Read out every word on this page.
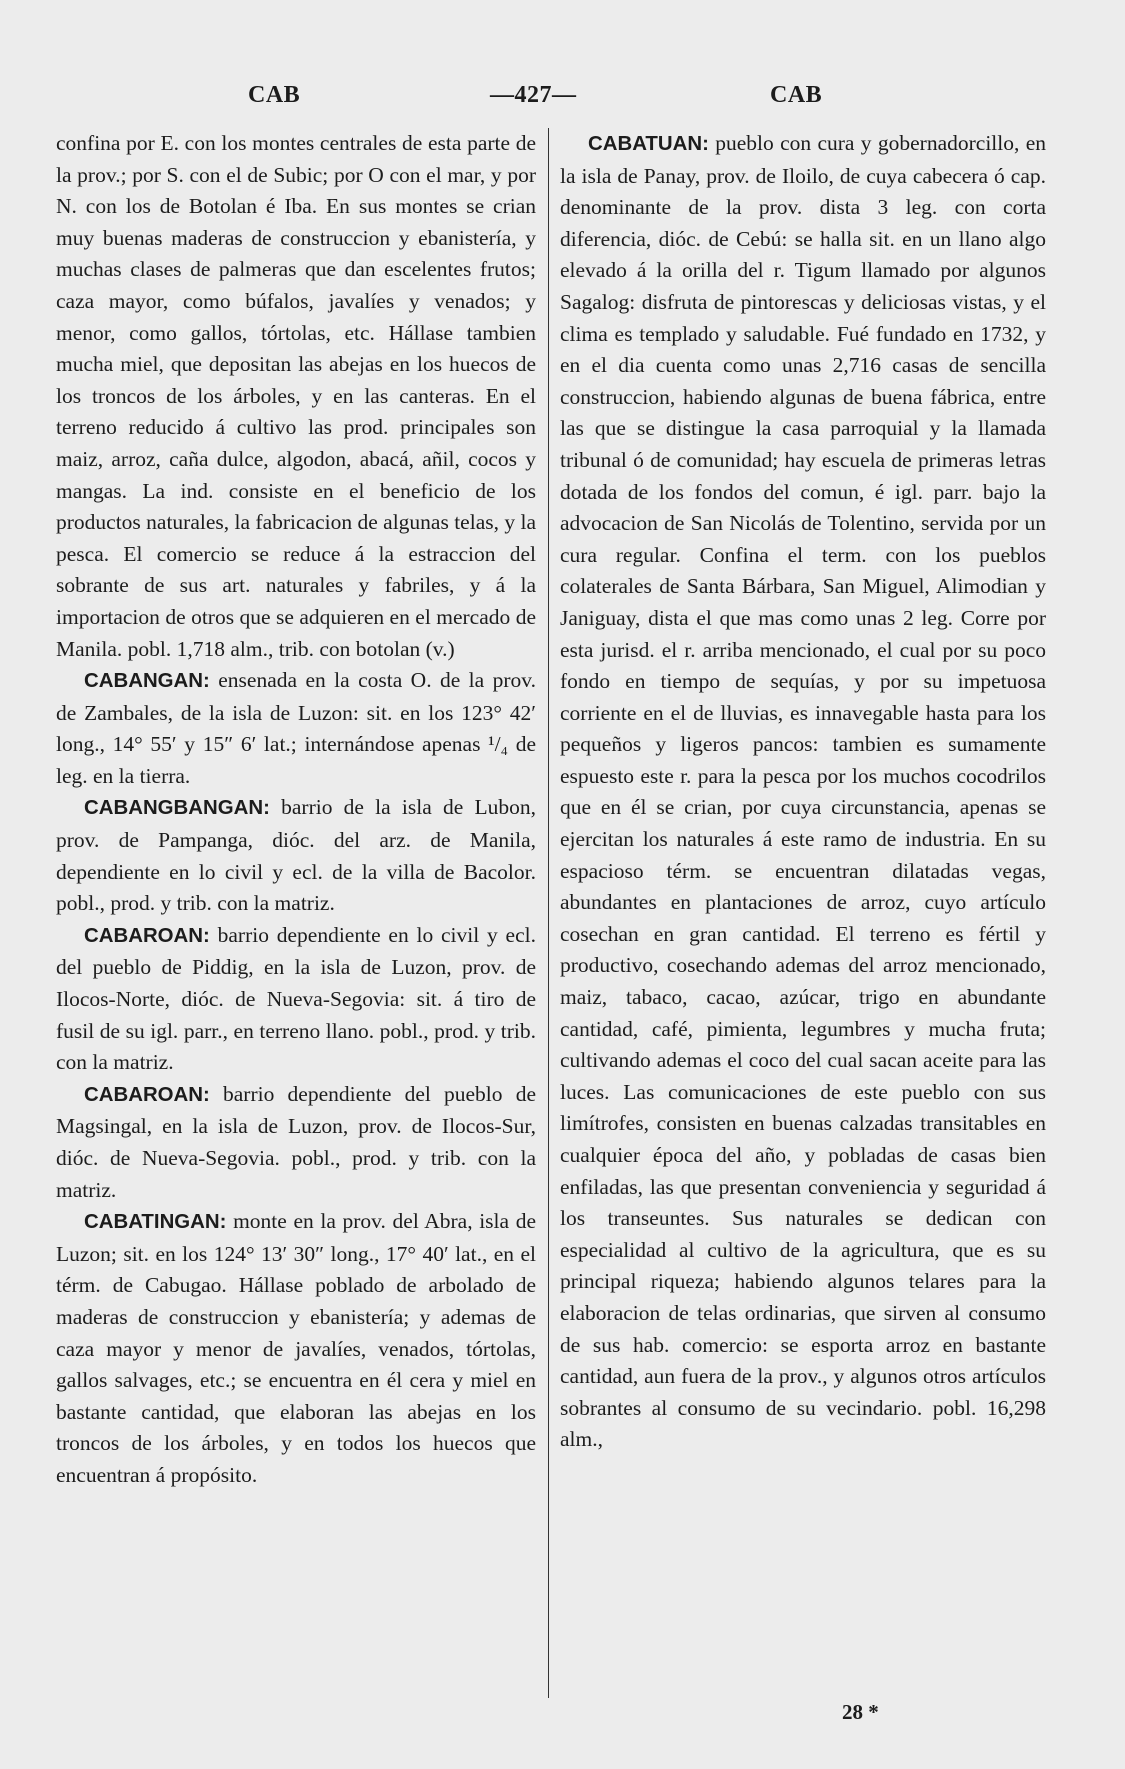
CAB	—427—	CAB

confina por E. con los montes centrales de esta parte de la prov.; por S. con el de Subic; por O con el mar, y por N. con los de Botolan é Iba. En sus montes se crian muy buenas maderas de construccion y ebanistería, y muchas clases de palmeras que dan escelentes frutos; caza mayor, como búfalos, javalíes y venados; y menor, como gallos, tórtolas, etc. Hállase tambien mucha miel, que depositan las abejas en los huecos de los troncos de los árboles, y en las canteras. En el terreno reducido á cultivo las prod. principales son maiz, arroz, caña dulce, algodon, abacá, añil, cocos y mangas. La ind. consiste en el beneficio de los productos naturales, la fabricacion de algunas telas, y la pesca. El comercio se reduce á la estraccion del sobrante de sus art. naturales y fabriles, y á la importacion de otros que se adquieren en el mercado de Manila. pobl. 1,718 alm., trib. con botolan (v.)

CABANGAN: ensenada en la costa O. de la prov. de Zambales, de la isla de Luzon: sit. en los 123° 42′ long., 14° 55′ y 15″ 6′ lat.; internándose apenas ¹/₄ de leg. en la tierra.

CABANGBANGAN: barrio de la isla de Lubon, prov. de Pampanga, dióc. del arz. de Manila, dependiente en lo civil y ecl. de la villa de Bacolor. pobl., prod. y trib. con la matriz.

CABAROAN: barrio dependiente en lo civil y ecl. del pueblo de Piddig, en la isla de Luzon, prov. de Ilocos-Norte, dióc. de Nueva-Segovia: sit. á tiro de fusil de su igl. parr., en terreno llano. pobl., prod. y trib. con la matriz.

CABAROAN: barrio dependiente del pueblo de Magsingal, en la isla de Luzon, prov. de Ilocos-Sur, dióc. de Nueva-Segovia. pobl., prod. y trib. con la matriz.

CABATINGAN: monte en la prov. del Abra, isla de Luzon; sit. en los 124° 13′ 30″ long., 17° 40′ lat., en el térm. de Cabugao. Hállase poblado de arbolado de maderas de construccion y ebanistería; y ademas de caza mayor y menor de javalíes, venados, tórtolas, gallos salvages, etc.; se encuentra en él cera y miel en bastante cantidad, que elaboran las abejas en los troncos de los árboles, y en todos los huecos que encuentran á propósito.

CABATUAN: pueblo con cura y gobernadorcillo, en la isla de Panay, prov. de Iloilo, de cuya cabecera ó cap. denominante de la prov. dista 3 leg. con corta diferencia, dióc. de Cebú: se halla sit. en un llano algo elevado á la orilla del r. Tigum llamado por algunos Sagalog: disfruta de pintorescas y deliciosas vistas, y el clima es templado y saludable. Fué fundado en 1732, y en el dia cuenta como unas 2,716 casas de sencilla construccion, habiendo algunas de buena fábrica, entre las que se distingue la casa parroquial y la llamada tribunal ó de comunidad; hay escuela de primeras letras dotada de los fondos del comun, é igl. parr. bajo la advocacion de San Nicolás de Tolentino, servida por un cura regular. Confina el term. con los pueblos colaterales de Santa Bárbara, San Miguel, Alimodian y Janiguay, dista el que mas como unas 2 leg. Corre por esta jurisd. el r. arriba mencionado, el cual por su poco fondo en tiempo de sequías, y por su impetuosa corriente en el de lluvias, es innavegable hasta para los pequeños y ligeros pancos: tambien es sumamente espuesto este r. para la pesca por los muchos cocodrilos que en él se crian, por cuya circunstancia, apenas se ejercitan los naturales á este ramo de industria. En su espacioso térm. se encuentran dilatadas vegas, abundantes en plantaciones de arroz, cuyo artículo cosechan en gran cantidad. El terreno es fértil y productivo, cosechando ademas del arroz mencionado, maiz, tabaco, cacao, azúcar, trigo en abundante cantidad, café, pimienta, legumbres y mucha fruta; cultivando ademas el coco del cual sacan aceite para las luces. Las comunicaciones de este pueblo con sus limítrofes, consisten en buenas calzadas transitables en cualquier época del año, y pobladas de casas bien enfiladas, las que presentan conveniencia y seguridad á los transeuntes. Sus naturales se dedican con especialidad al cultivo de la agricultura, que es su principal riqueza; habiendo algunos telares para la elaboracion de telas ordinarias, que sirven al consumo de sus hab. comercio: se esporta arroz en bastante cantidad, aun fuera de la prov., y algunos otros artículos sobrantes al consumo de su vecindario. pobl. 16,298 alm.,

28 *
